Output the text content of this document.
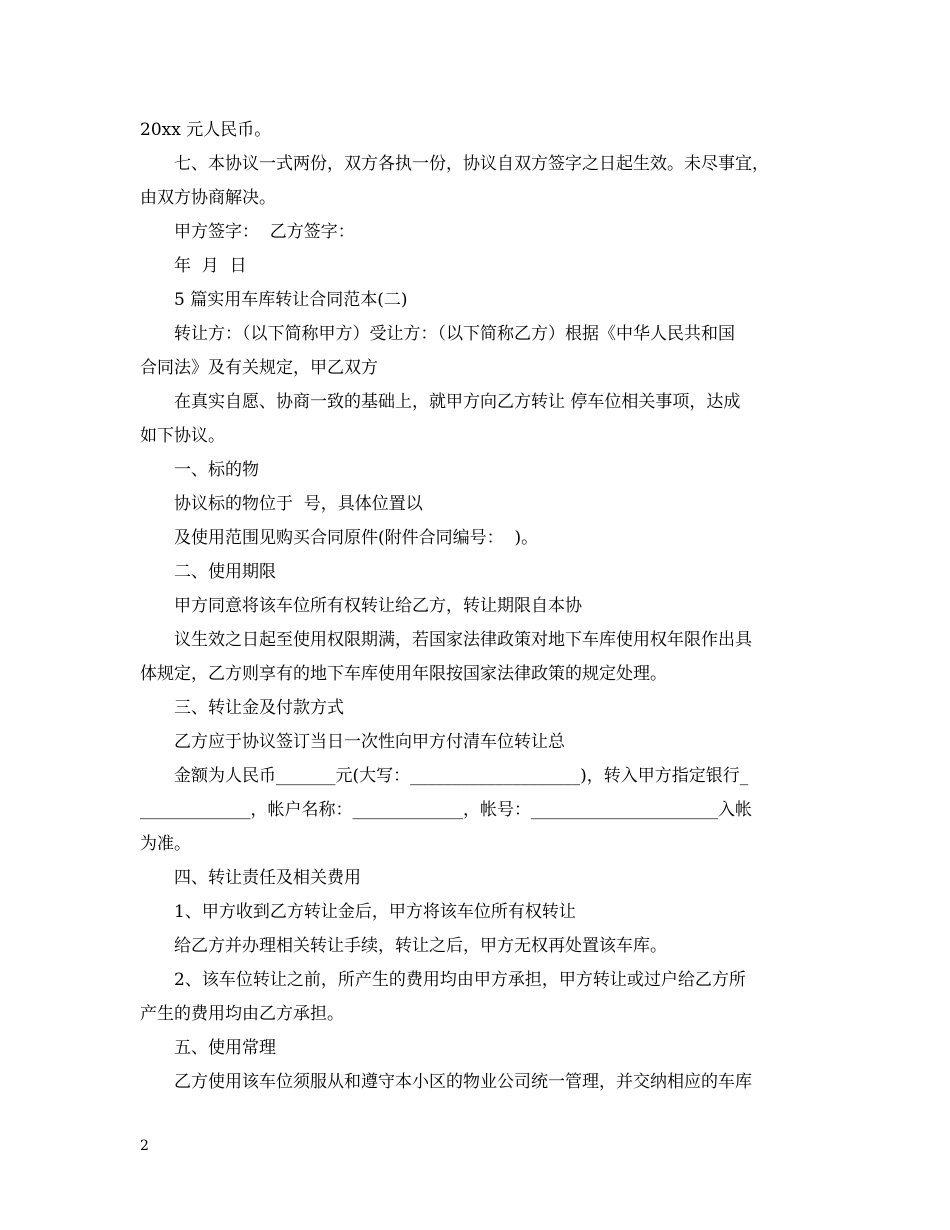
20xx 元人民币。

七、本协议一式两份，双方各执一份，协议自双方签字之日起生效。未尽事宜，

由双方协商解决。

甲方签字：  乙方签字：

年  月  日

5 篇实用车库转让合同范本(二)

转让方：（以下简称甲方）受让方：（以下简称乙方）根据《中华人民共和国

合同法》及有关规定，甲乙双方

在真实自愿、协商一致的基础上，就甲方向乙方转让 停车位相关事项，达成

如下协议。

一、标的物

协议标的物位于  号，具体位置以

及使用范围见购买合同原件(附件合同编号：  )。

二、使用期限

甲方同意将该车位所有权转让给乙方，转让期限自本协

议生效之日起至使用权限期满，若国家法律政策对地下车库使用权年限作出具

体规定，乙方则享有的地下车库使用年限按国家法律政策的规定处理。

三、转让金及付款方式

乙方应于协议签订当日一次性向甲方付清车位转让总

金额为人民币_______元(大写：____________________)，转入甲方指定银行_

_____________，帐户名称：_____________，帐号：______________________入帐

为准。

四、转让责任及相关费用

1、甲方收到乙方转让金后，甲方将该车位所有权转让

给乙方并办理相关转让手续，转让之后，甲方无权再处置该车库。

2、该车位转让之前，所产生的费用均由甲方承担，甲方转让或过户给乙方所

产生的费用均由乙方承担。

五、使用常理

乙方使用该车位须服从和遵守本小区的物业公司统一管理，并交纳相应的车库

2
